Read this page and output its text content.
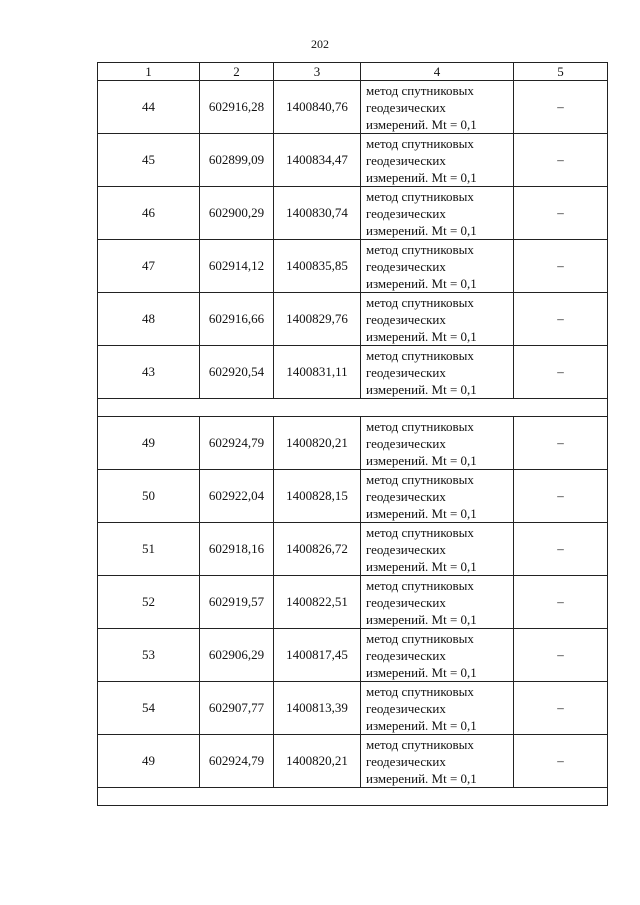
202
1	2	3	4	5
44	602916,28	1400840,76	метод спутниковых
геодезических
измерений. Mt = 0,1	–
45	602899,09	1400834,47	метод спутниковых
геодезических
измерений. Mt = 0,1	–
46	602900,29	1400830,74	метод спутниковых
геодезических
измерений. Mt = 0,1	–
47	602914,12	1400835,85	метод спутниковых
геодезических
измерений. Mt = 0,1	–
48	602916,66	1400829,76	метод спутниковых
геодезических
измерений. Mt = 0,1	–
43	602920,54	1400831,11	метод спутниковых
геодезических
измерений. Mt = 0,1	–

49	602924,79	1400820,21	метод спутниковых
геодезических
измерений. Mt = 0,1	–
50	602922,04	1400828,15	метод спутниковых
геодезических
измерений. Mt = 0,1	–
51	602918,16	1400826,72	метод спутниковых
геодезических
измерений. Mt = 0,1	–
52	602919,57	1400822,51	метод спутниковых
геодезических
измерений. Mt = 0,1	–
53	602906,29	1400817,45	метод спутниковых
геодезических
измерений. Mt = 0,1	–
54	602907,77	1400813,39	метод спутниковых
геодезических
измерений. Mt = 0,1	–
49	602924,79	1400820,21	метод спутниковых
геодезических
измерений. Mt = 0,1	–
